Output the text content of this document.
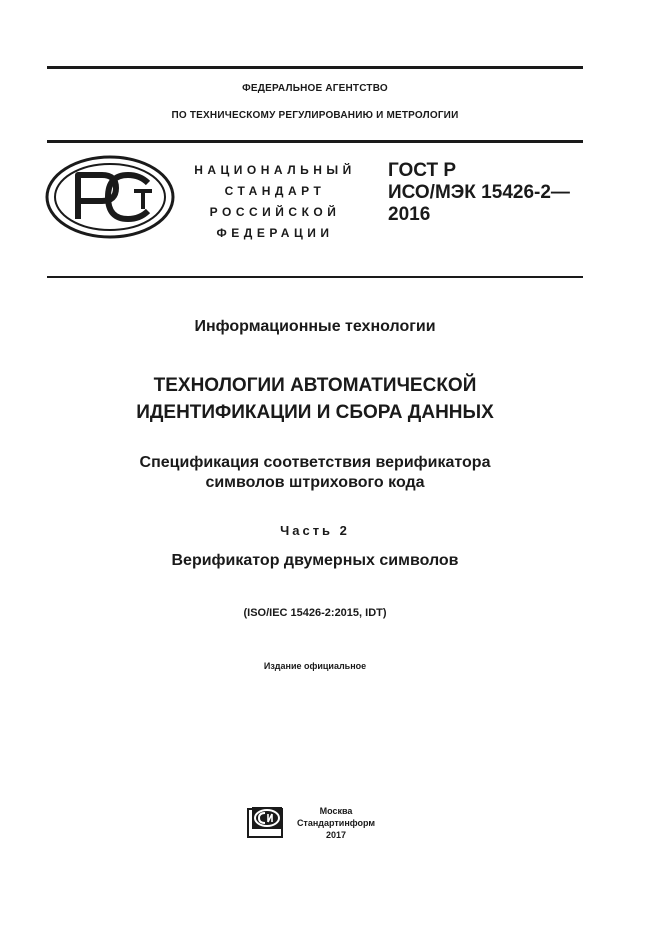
ФЕДЕРАЛЬНОЕ АГЕНТСТВО
ПО ТЕХНИЧЕСКОМУ РЕГУЛИРОВАНИЮ И МЕТРОЛОГИИ
НАЦИОНАЛЬНЫЙ
СТАНДАРТ
РОССИЙСКОЙ
ФЕДЕРАЦИИ
ГОСТ Р
ИСО/МЭК 15426-2—
2016
Информационные технологии
ТЕХНОЛОГИИ АВТОМАТИЧЕСКОЙ
ИДЕНТИФИКАЦИИ И СБОРА ДАННЫХ
Спецификация соответствия верификатора
символов штрихового кода
Часть 2
Верификатор двумерных символов
(ISO/IEC 15426-2:2015, IDT)
Издание официальное
Москва
Стандартинформ
2017
